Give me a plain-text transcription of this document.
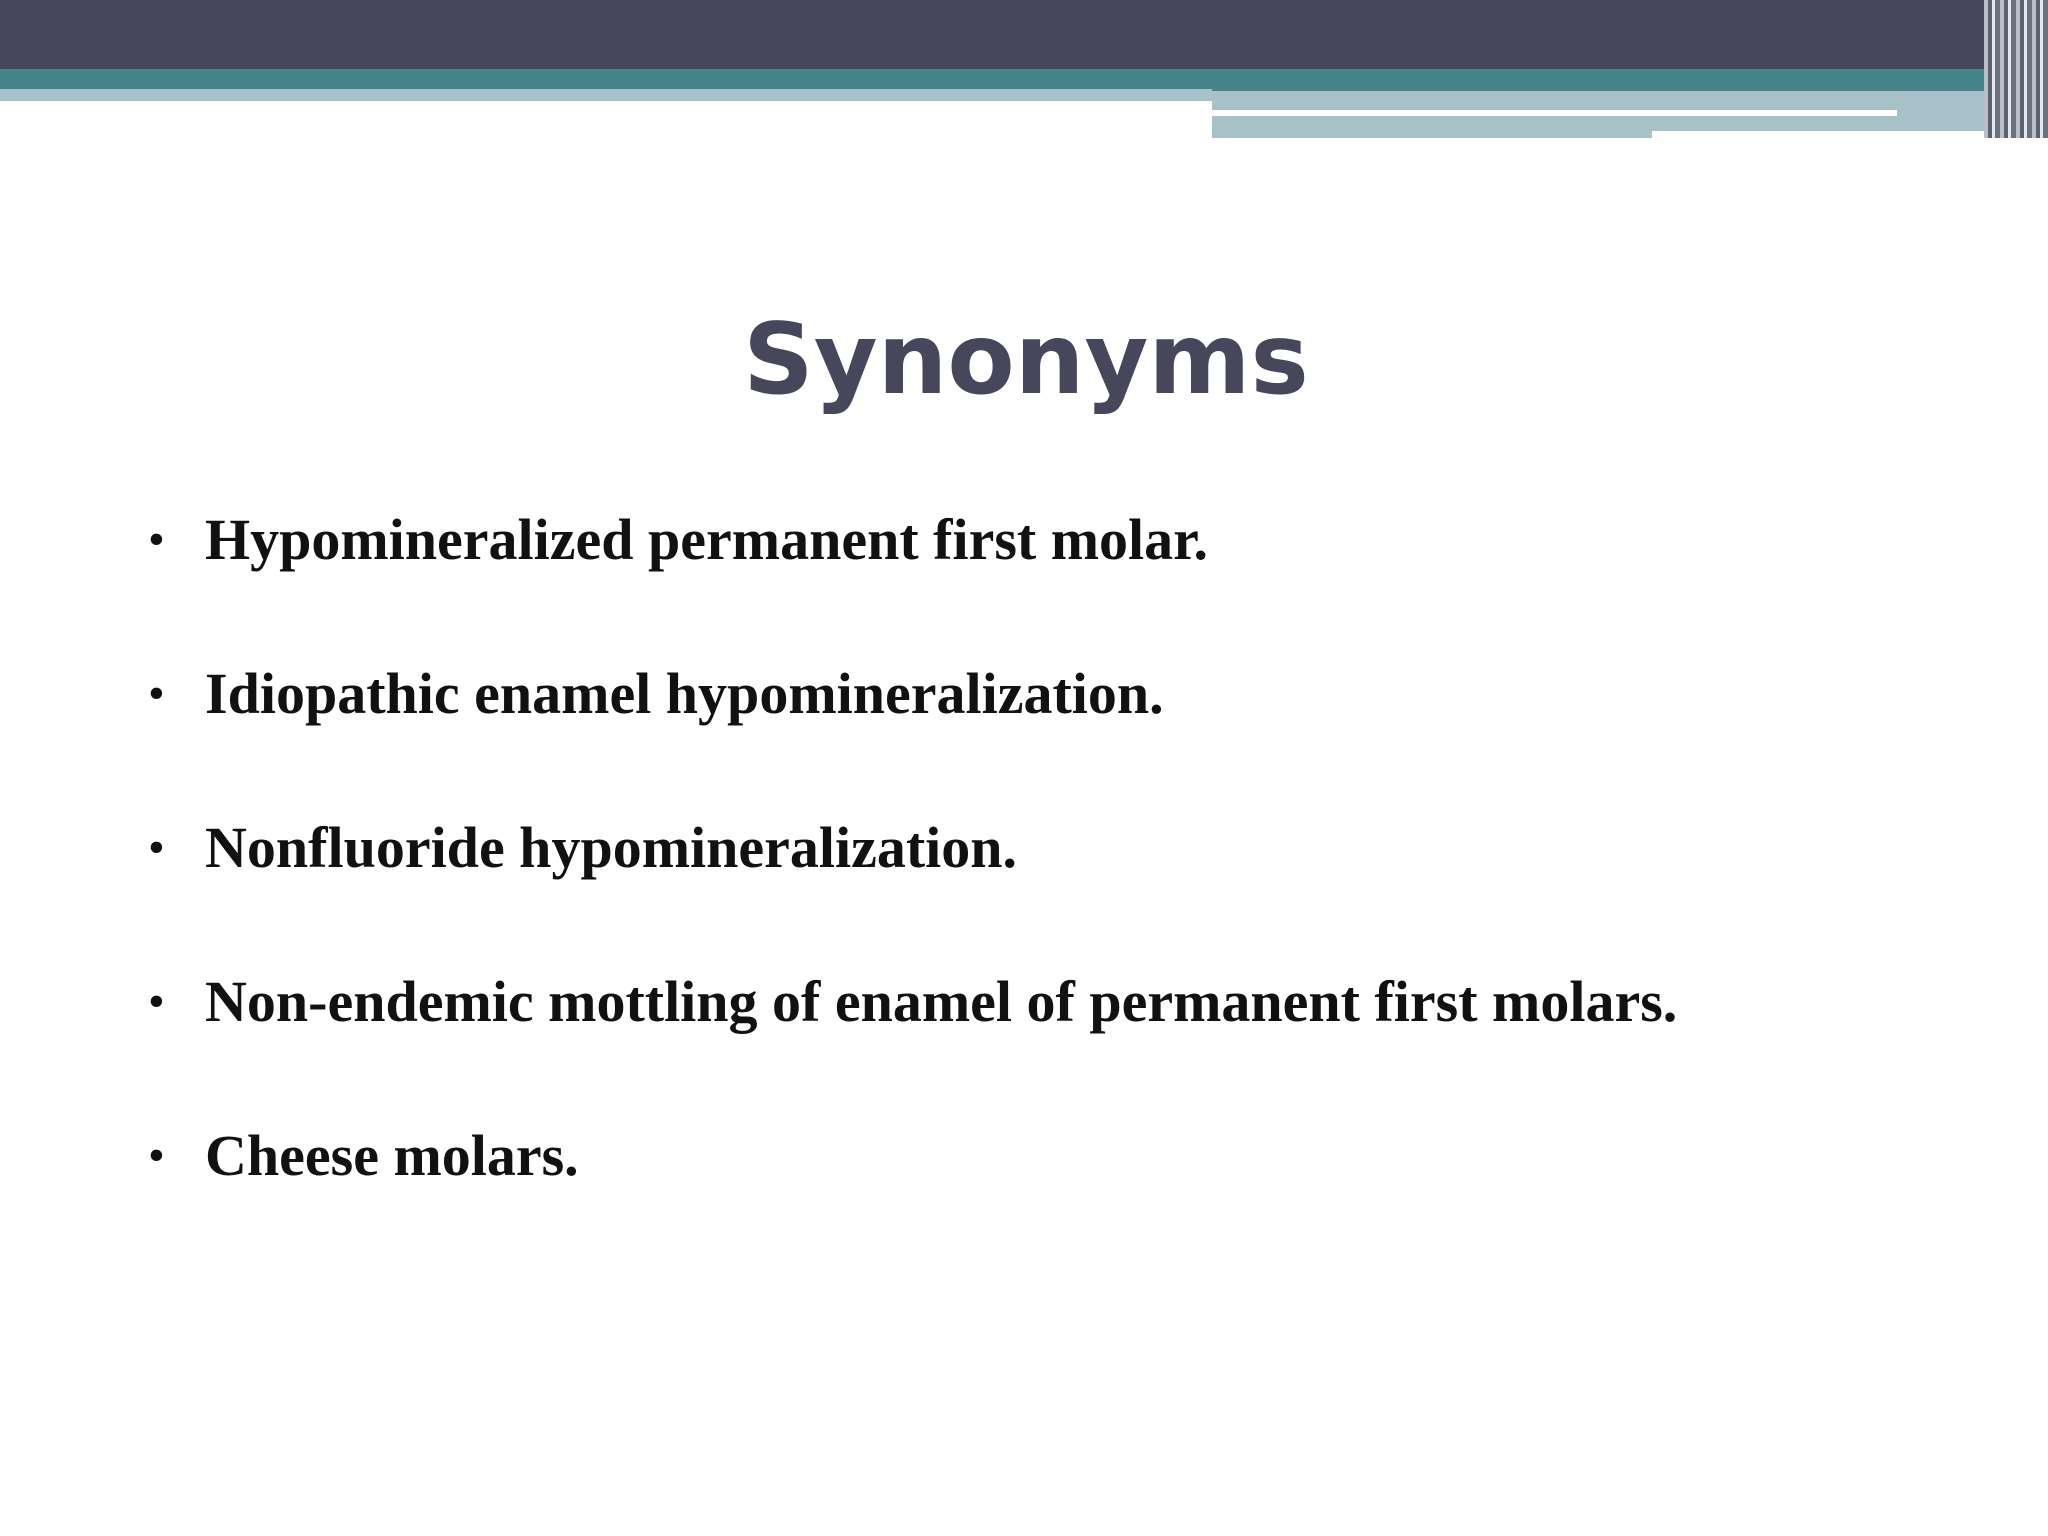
Synonyms
• Hypomineralized permanent first molar.
• Idiopathic enamel hypomineralization.
• Nonfluoride hypomineralization.
• Non-endemic mottling of enamel of permanent first molars.
• Cheese molars.
